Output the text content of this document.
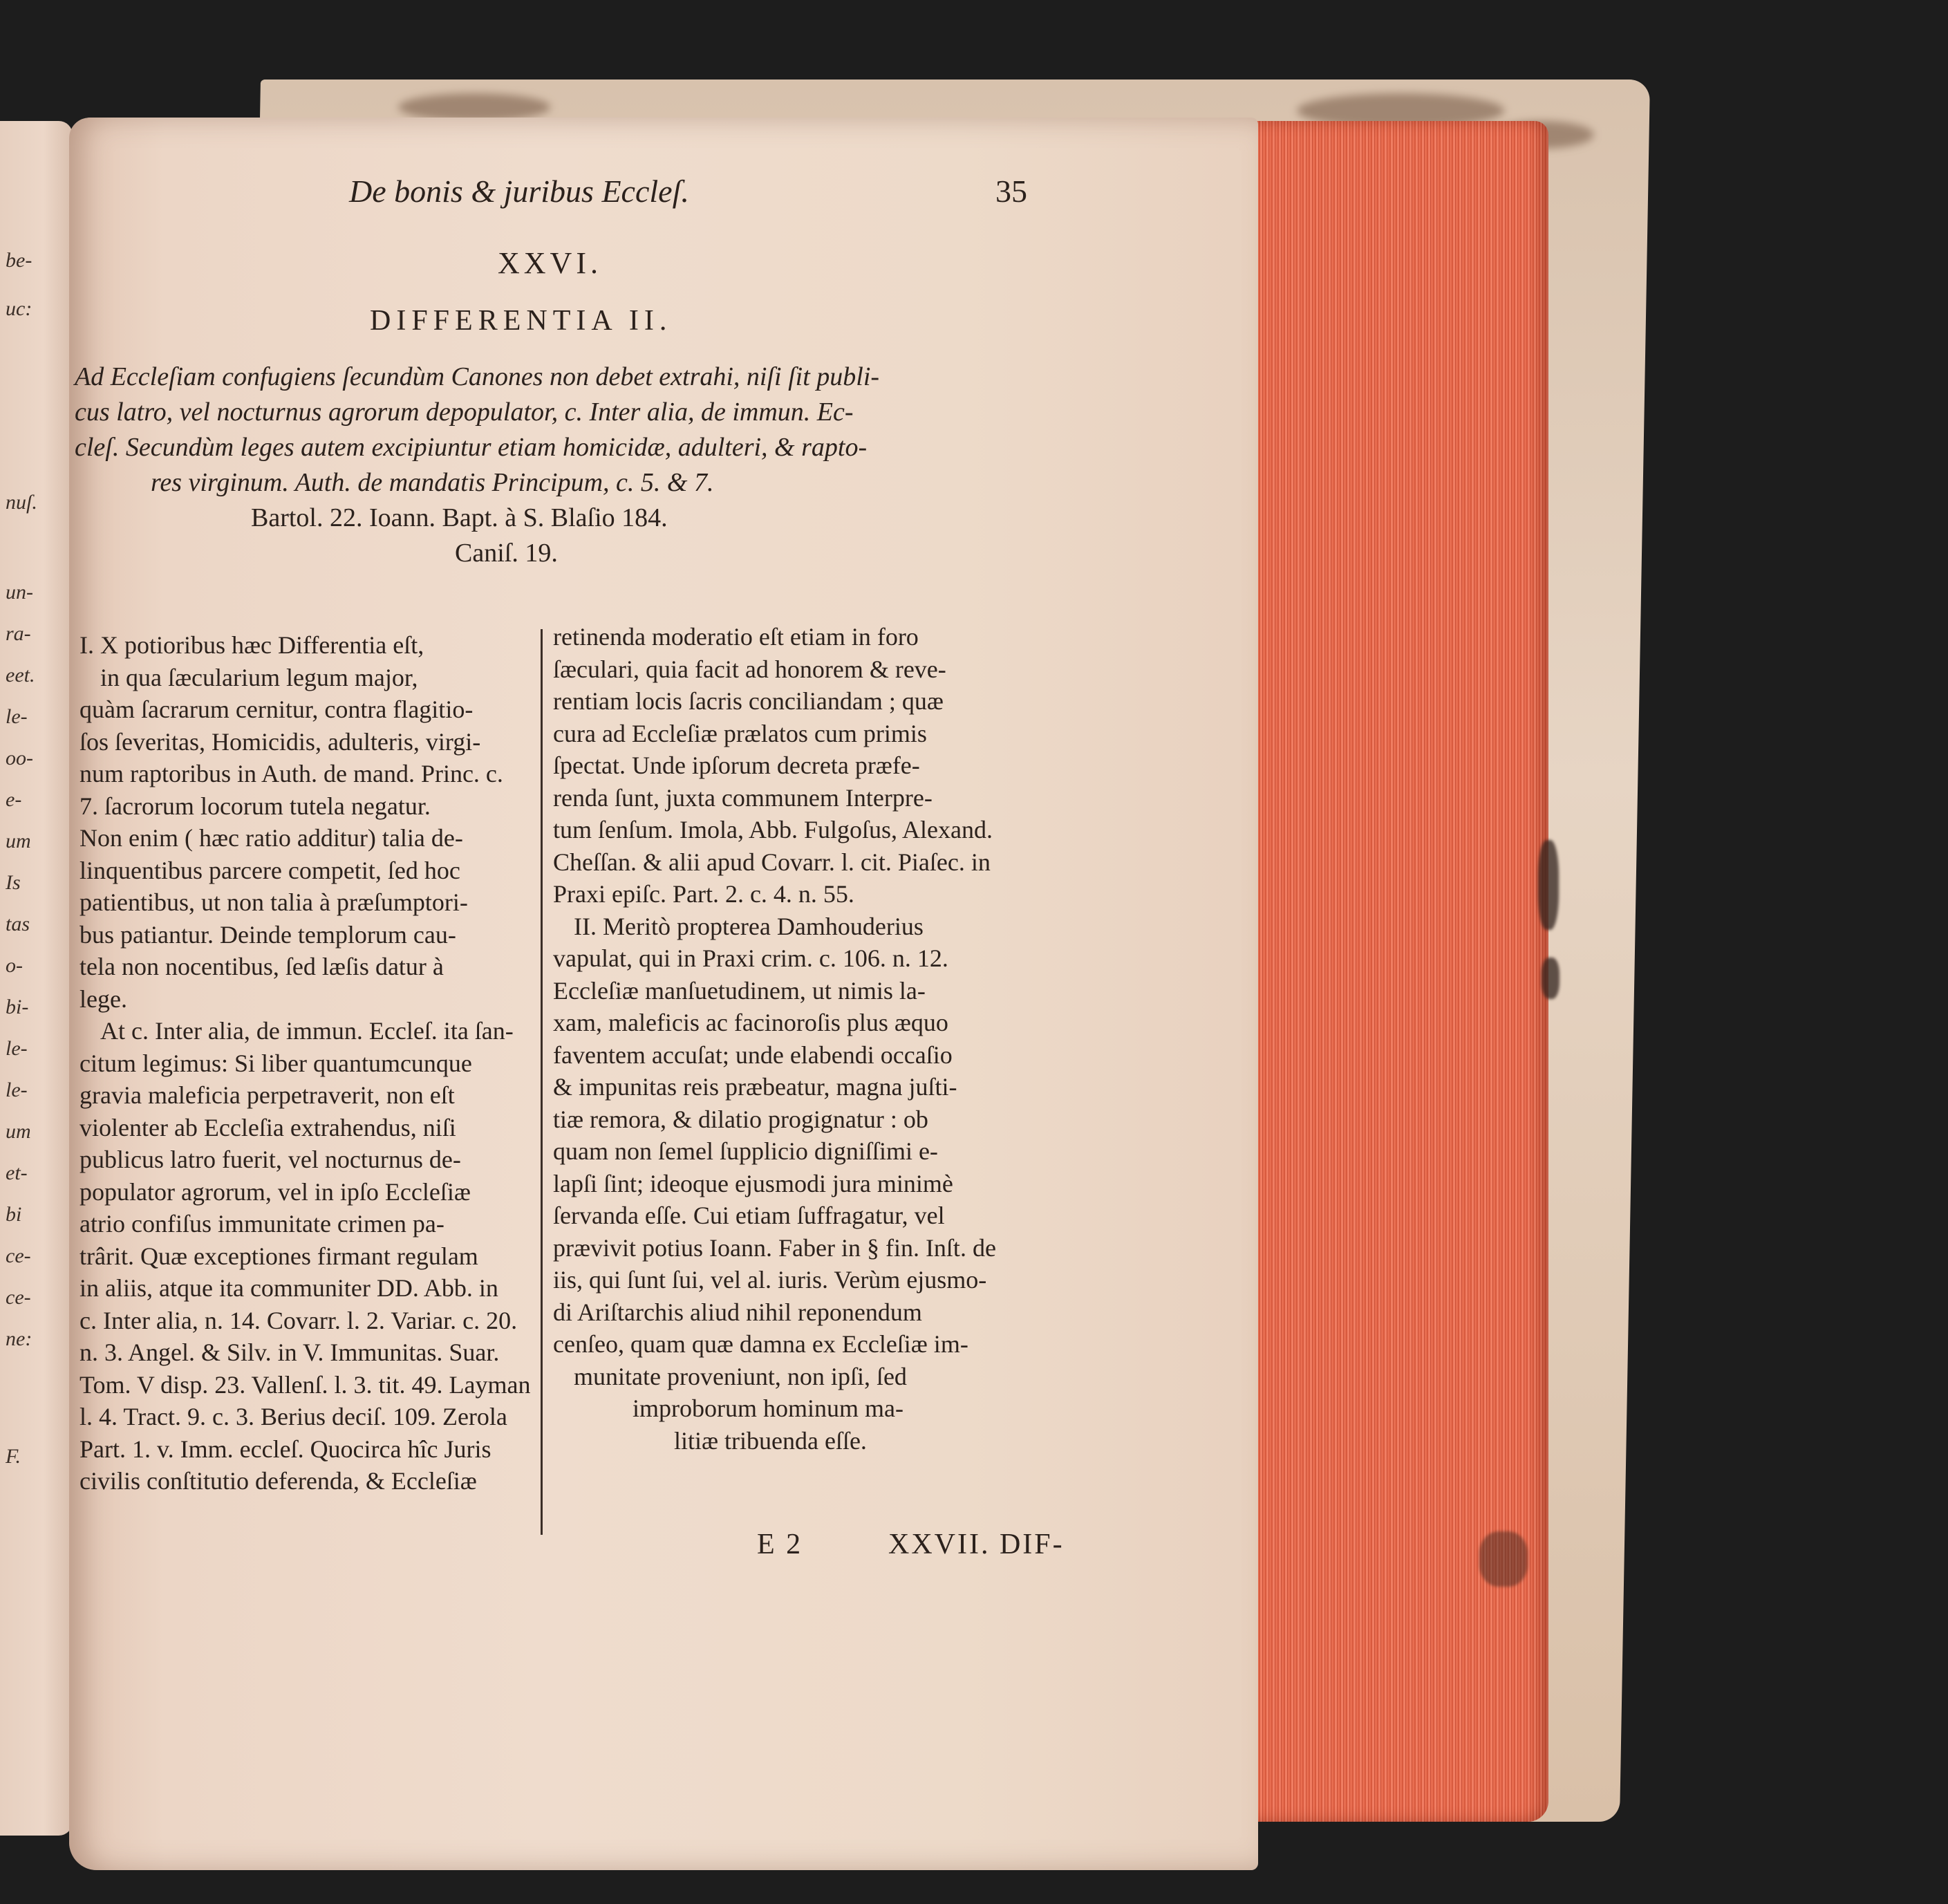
be-
uc:
nuſ.
un-
ra-
eet.
le-
oo-
e-
um
Is
tas
o-
bi-
le-
le-
um
et-
bi
ce-
ce-
ne:
F.
De bonis & juribus Eccleſ.	35
XXVI.
DIFFERENTIA II.
Ad Eccleſiam confugiens ſecundùm Canones non debet extrahi, niſi ſit publi-
cus latro, vel nocturnus agrorum depopulator, c. Inter alia, de immun. Ec-
cleſ. Secundùm leges autem excipiuntur etiam homicidæ, adulteri, & rapto-
res virginum. Auth. de mandatis Principum, c. 5. & 7.
Bartol. 22. Ioann. Bapt. à S. Blaſio 184.
Caniſ. 19.
I. X potioribus hæc Differentia eſt,
in qua ſæcularium legum major,
quàm ſacrarum cernitur, contra flagitio-
ſos ſeveritas, Homicidis, adulteris, virgi-
num raptoribus in Auth. de mand. Princ. c.
7. ſacrorum locorum tutela negatur.
Non enim ( hæc ratio additur) talia de-
linquentibus parcere competit, ſed hoc
patientibus, ut non talia à præſumptori-
bus patiantur. Deinde templorum cau-
tela non nocentibus, ſed læſis datur à
lege.
At c. Inter alia, de immun. Eccleſ. ita ſan-
citum legimus: Si liber quantumcunque
gravia maleficia perpetraverit, non eſt
violenter ab Eccleſia extrahendus, niſi
publicus latro fuerit, vel nocturnus de-
populator agrorum, vel in ipſo Eccleſiæ
atrio confiſus immunitate crimen pa-
trârit. Quæ exceptiones firmant regulam
in aliis, atque ita communiter DD. Abb. in
c. Inter alia, n. 14. Covarr. l. 2. Variar. c. 20.
n. 3. Angel. & Silv. in V. Immunitas. Suar.
Tom. V disp. 23. Vallenſ. l. 3. tit. 49. Layman
l. 4. Tract. 9. c. 3. Berius deciſ. 109. Zerola
Part. 1. v. Imm. eccleſ. Quocirca hîc Juris
civilis conſtitutio deferenda, & Eccleſiæ
retinenda moderatio eſt etiam in foro
ſæculari, quia facit ad honorem & reve-
rentiam locis ſacris conciliandam ; quæ
cura ad Eccleſiæ prælatos cum primis
ſpectat. Unde ipſorum decreta præfe-
renda ſunt, juxta communem Interpre-
tum ſenſum. Imola, Abb. Fulgoſus, Alexand.
Cheſſan. & alii apud Covarr. l. cit. Piaſec. in
Praxi epiſc. Part. 2. c. 4. n. 55.
II. Meritò propterea Damhouderius
vapulat, qui in Praxi crim. c. 106. n. 12.
Eccleſiæ manſuetudinem, ut nimis la-
xam, maleficis ac facinoroſis plus æquo
faventem accuſat; unde elabendi occaſio
& impunitas reis præbeatur, magna juſti-
tiæ remora, & dilatio progignatur : ob
quam non ſemel ſupplicio digniſſimi e-
lapſi ſint; ideoque ejusmodi jura minimè
ſervanda eſſe. Cui etiam ſuffragatur, vel
prævivit potius Ioann. Faber in § fin. Inſt. de
iis, qui ſunt ſui, vel al. iuris. Verùm ejusmo-
di Ariſtarchis aliud nihil reponendum
cenſeo, quam quæ damna ex Eccleſiæ im-
munitate proveniunt, non ipſi, ſed
improborum hominum ma-
litiæ tribuenda eſſe.
E 2	XXVII. DIF-
